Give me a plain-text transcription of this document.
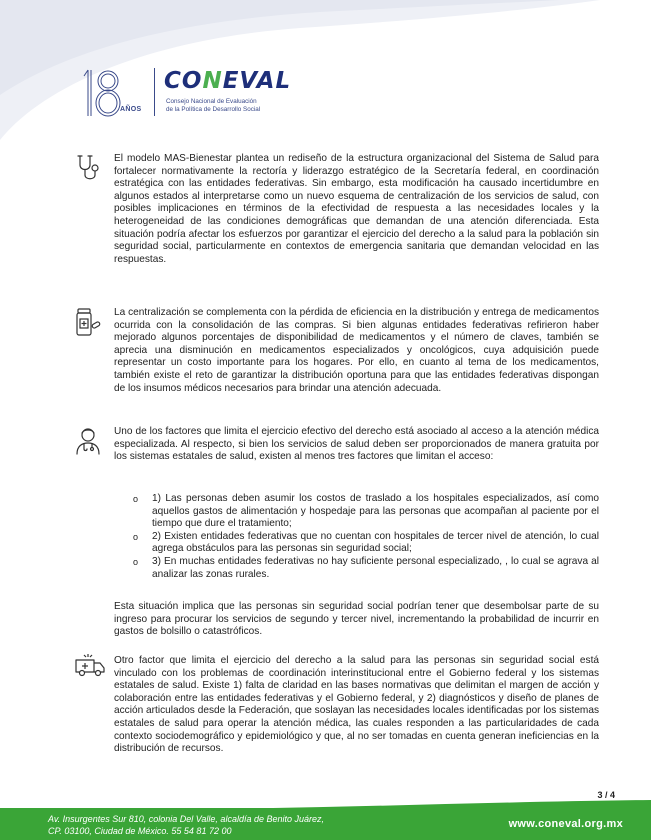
AÑOS
CONEVAL
Consejo Nacional de Evaluación
de la Política de Desarrollo Social

El modelo MAS-Bienestar plantea un rediseño de la estructura organizacional del Sistema de Salud para fortalecer normativamente la rectoría y liderazgo estratégico de la Secretaría federal, en coordinación estratégica con las entidades federativas. Sin embargo, esta modificación ha causado incertidumbre en algunos estados al interpretarse como un nuevo esquema de centralización de los servicios de salud, con posibles implicaciones en términos de la efectividad de respuesta a las necesidades locales y la heterogeneidad de las condiciones demográficas que demandan de una atención diferenciada. Esta situación podría afectar los esfuerzos por garantizar el ejercicio del derecho a la salud para la población sin seguridad social, particularmente en contextos de emergencia sanitaria que demandan velocidad en las respuestas.

La centralización se complementa con la pérdida de eficiencia en la distribución y entrega de medicamentos ocurrida con la consolidación de las compras. Si bien algunas entidades federativas refirieron haber mejorado algunos porcentajes de disponibilidad de medicamentos y el número de claves, también se aprecia una disminución en medicamentos especializados y oncológicos, cuya adquisición puede representar un costo importante para los hogares. Por ello, en cuanto al tema de los medicamentos, también existe el reto de garantizar la distribución oportuna para que las entidades federativas dispongan de los insumos médicos necesarios para brindar una atención adecuada.

Uno de los factores que limita el ejercicio efectivo del derecho está asociado al acceso a la atención médica especializada. Al respecto, si bien los servicios de salud deben ser proporcionados de manera gratuita por los sistemas estatales de salud, existen al menos tres factores que limitan el acceso:

o 1) Las personas deben asumir los costos de traslado a los hospitales especializados, así como aquellos gastos de alimentación y hospedaje para las personas que acompañan al paciente por el tiempo que dure el tratamiento;
o 2) Existen entidades federativas que no cuentan con hospitales de tercer nivel de atención, lo cual agrega obstáculos para las personas sin seguridad social;
o 3) En muchas entidades federativas no hay suficiente personal especializado, , lo cual se agrava al analizar las zonas rurales.

Esta situación implica que las personas sin seguridad social podrían tener que desembolsar parte de su ingreso para procurar los servicios de segundo y tercer nivel, incrementando la probabilidad de incurrir en gastos de bolsillo o catastróficos.

Otro factor que limita el ejercicio del derecho a la salud para las personas sin seguridad social está vinculado con los problemas de coordinación interinstitucional entre el Gobierno federal y los sistemas estatales de salud. Existe 1) falta de claridad en las bases normativas que delimitan el margen de acción y colaboración entre las entidades federativas y el Gobierno federal, y 2) diagnósticos y diseño de planes de acción articulados desde la Federación, que soslayan las necesidades locales identificadas por los sistemas estatales de salud para operar la atención médica, las cuales responden a las particularidades de cada contexto sociodemográfico y epidemiológico y que, al no ser tomadas en cuenta generan ineficiencias en la distribución de recursos.

3 / 4
Av. Insurgentes Sur 810, colonia Del Valle, alcaldía de Benito Juárez,
CP. 03100, Ciudad de México. 55 54 81 72 00
www.coneval.org.mx
